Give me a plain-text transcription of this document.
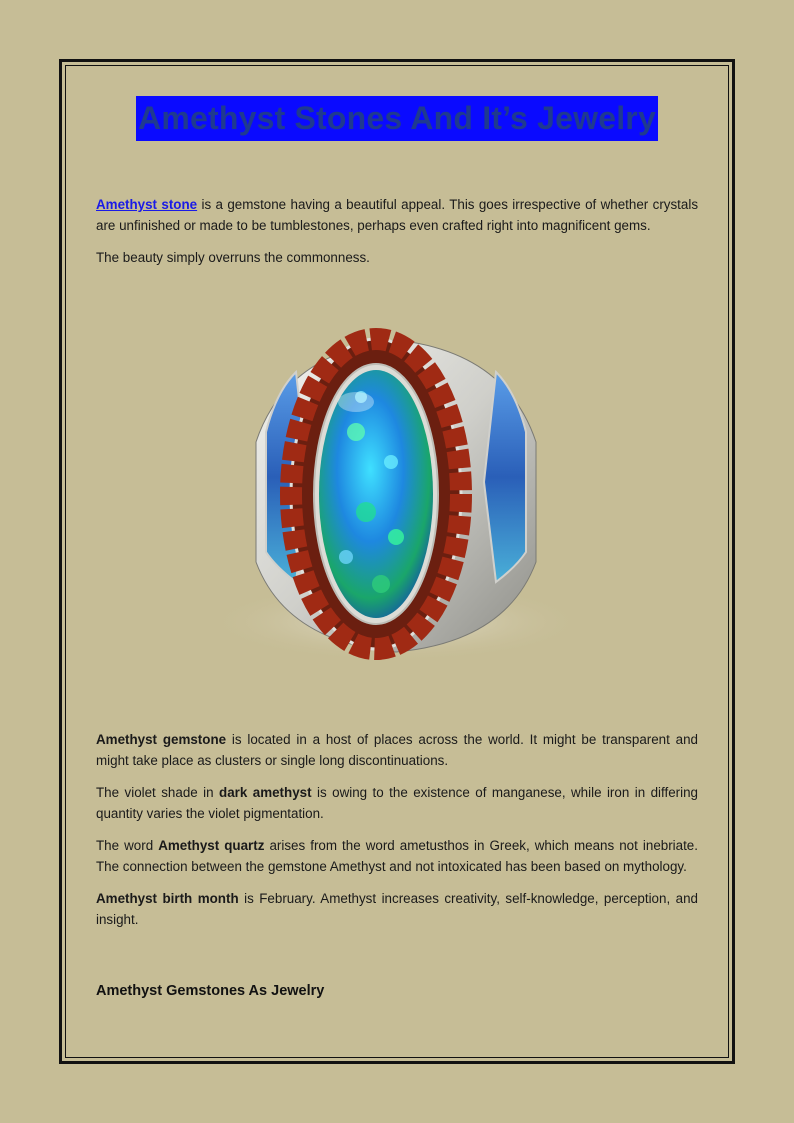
Amethyst Stones And It’s Jewelry

Amethyst stone is a gemstone having a beautiful appeal. This goes irrespective of whether crystals are unfinished or made to be tumblestones, perhaps even crafted right into magnificent gems.

The beauty simply overruns the commonness.

Amethyst gemstone is located in a host of places across the world. It might be transparent and might take place as clusters or single long discontinuations.

The violet shade in dark amethyst is owing to the existence of manganese, while iron in differing quantity varies the violet pigmentation.

The word Amethyst quartz arises from the word ametusthos in Greek, which means not inebriate. The connection between the gemstone Amethyst and not intoxicated has been based on mythology.

Amethyst birth month is February. Amethyst increases creativity, self-knowledge, perception, and insight.

Amethyst Gemstones As Jewelry
